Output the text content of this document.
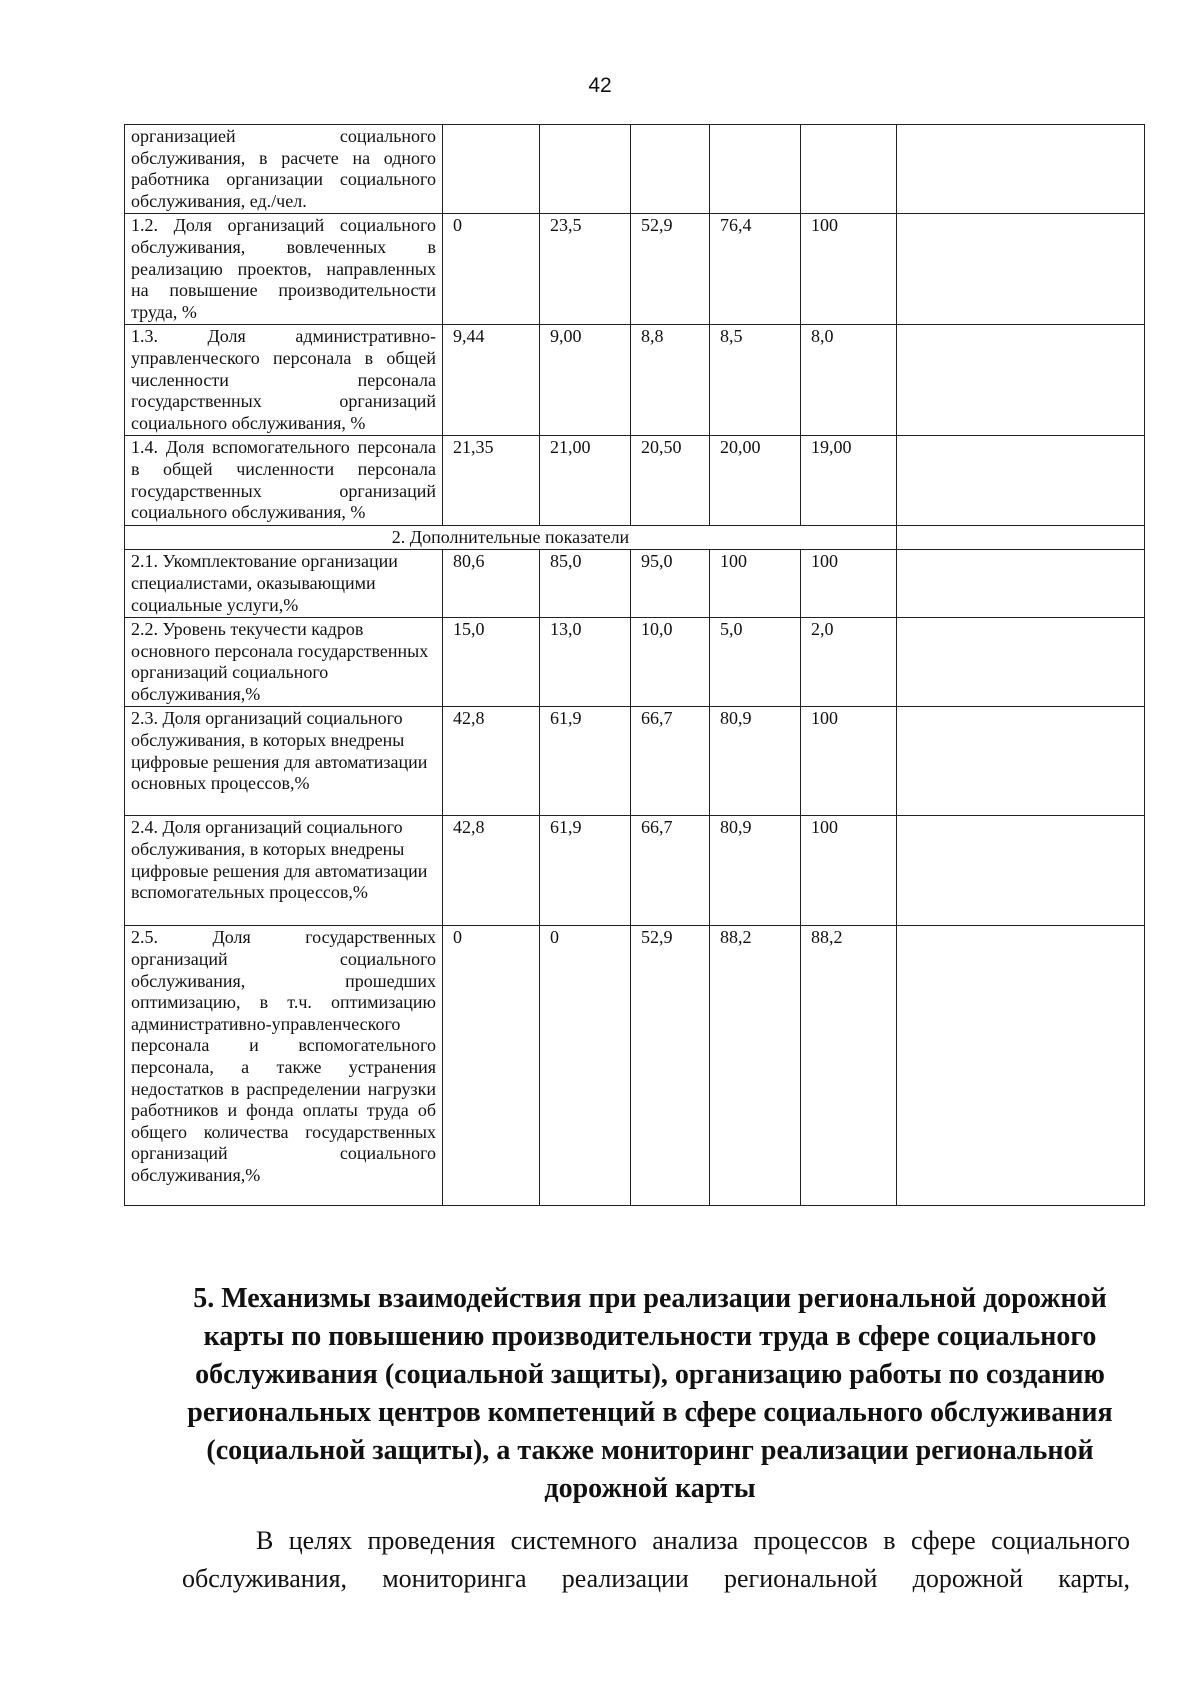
42
организацией социального обслуживания, в расчете на одного работника организации социального обслуживания, ед./чел.						
1.2. Доля организаций социального обслуживания, вовлеченных в реализацию проектов, направленных на повышение производительности труда, %	0	23,5	52,9	76,4	100	
1.3. Доля административно-управленческого персонала в общей численности персонала государственных организаций социального обслуживания, %	9,44	9,00	8,8	8,5	8,0	
1.4. Доля вспомогательного персонала в общей численности персонала государственных организаций социального обслуживания, %	21,35	21,00	20,50	20,00	19,00	
2. Дополнительные показатели						
2.1. Укомплектование организации специалистами, оказывающими социальные услуги,%	80,6	85,0	95,0	100	100	
2.2. Уровень текучести кадров основного персонала государственных организаций социального обслуживания,%	15,0	13,0	10,0	5,0	2,0	
2.3. Доля организаций социального обслуживания, в которых внедрены цифровые решения для автоматизации основных процессов,%	42,8	61,9	66,7	80,9	100	
2.4. Доля организаций социального обслуживания, в которых внедрены цифровые решения для автоматизации вспомогательных процессов,%	42,8	61,9	66,7	80,9	100	
2.5. Доля государственных организаций социального обслуживания, прошедших оптимизацию, в т.ч. оптимизацию административно-управленческого персонала и вспомогательного персонала, а также устранения недостатков в распределении нагрузки работников и фонда оплаты труда об общего количества государственных организаций социального обслуживания,%	0	0	52,9	88,2	88,2	
5. Механизмы взаимодействия при реализации региональной дорожной карты по повышению производительности труда в сфере социального обслуживания (социальной защиты), организацию работы по созданию региональных центров компетенций в сфере социального обслуживания (социальной защиты), а также мониторинг реализации региональной дорожной карты

В целях проведения системного анализа процессов в сфере социального обслуживания, мониторинга реализации региональной дорожной карты,
